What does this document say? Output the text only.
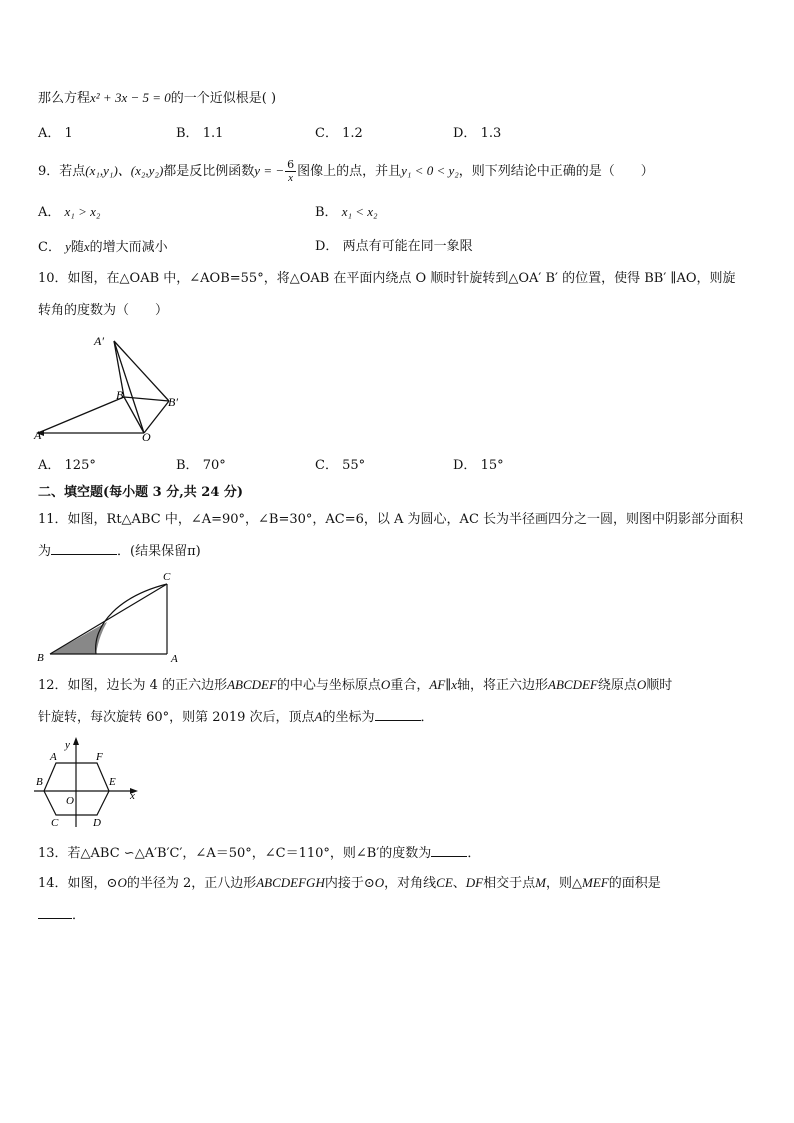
那么方程x² + 3x − 5 = 0的一个近似根是( )
A． 1	B． 1.1	C． 1.2	D． 1.3
9．若点(x₁,y₁)、(x₂,y₂)都是反比例函数y = − $\frac{6}{x}$ 图像上的点，并且y₁ < 0 < y₂，则下列结论中正确的是（　　）
A． x₁ > x₂	B． x₁ < x₂
C． y随x的增大而减小	D． 两点有可能在同一象限
10．如图，在△OAB 中，∠AOB=55°，将△OAB 在平面内绕点 O 顺时针旋转到△OA′ B′ 的位置，使得 BB′ ∥AO，则旋
转角的度数为（　　）
A′
B	B′
A	O
A． 125°	B． 70°	C． 55°	D． 15°
二、填空题(每小题 3 分,共 24 分)
11．如图，Rt△ABC 中，∠A=90°，∠B=30°，AC=6，以 A 为圆心，AC 长为半径画四分之一圆，则图中阴影部分面积
为	．(结果保留π)
C
B	A
12．如图，边长为 4 的正六边形ABCDEF的中心与坐标原点O重合，AF∥x轴，将正六边形ABCDEF绕原点O顺时
针旋转，每次旋转 60°，则第 2019 次后，顶点A的坐标为	．
y
x
A
B
C	D
E
F
O
13．若△ABC ∽△A′B′C′，∠A＝50°，∠C＝110°，则∠B′的度数为	．
14．如图，⊙O的半径为 2，正八边形ABCDEFGH内接于⊙O，对角线CE、DF相交于点M，则△MEF的面积是
．
